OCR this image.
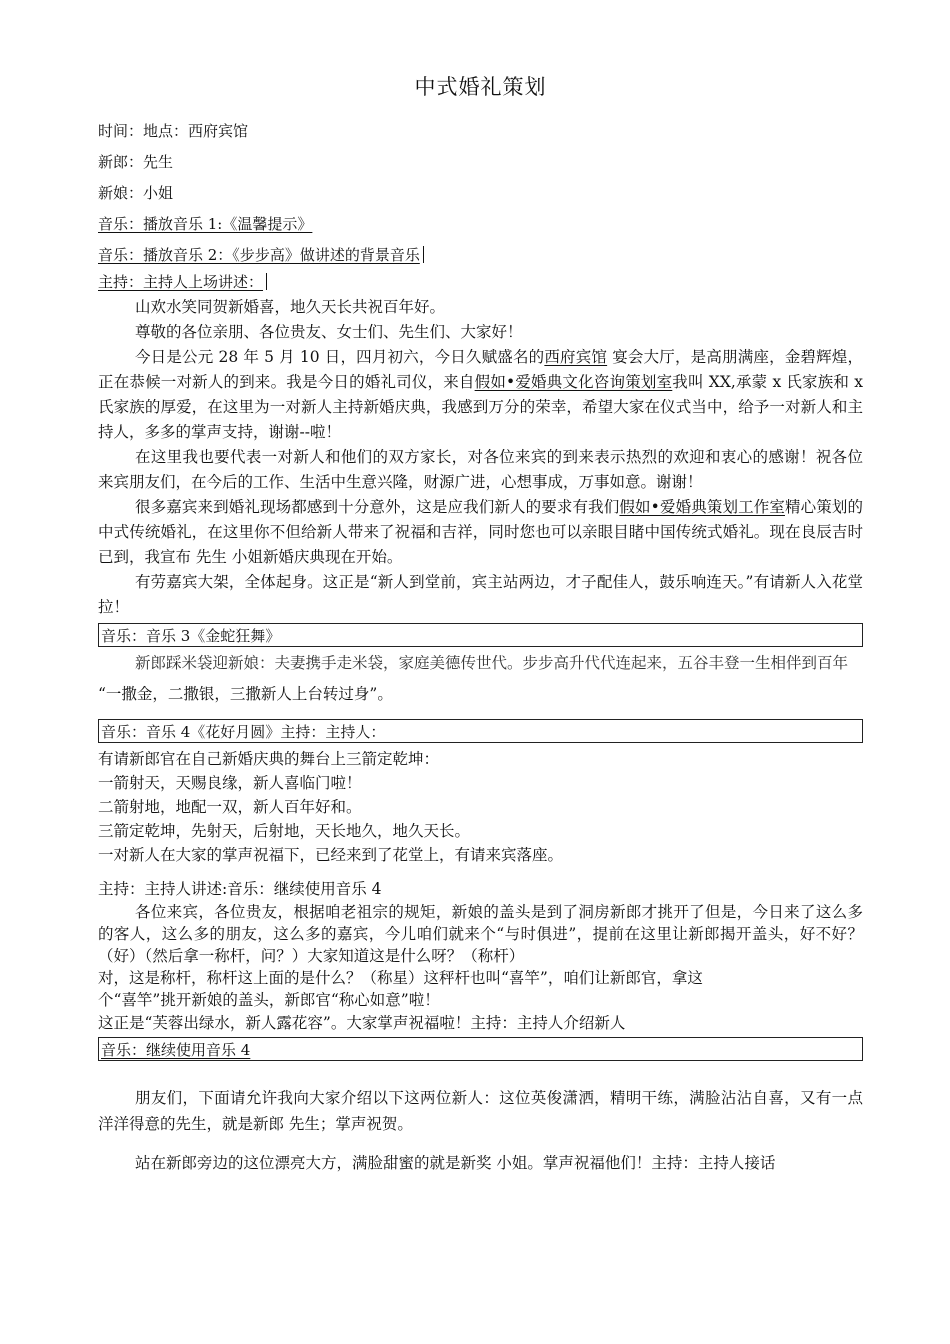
中式婚礼策划
时间：地点：西府宾馆
新郎：先生
新娘：小姐
音乐：播放音乐 1:《温馨提示》
音乐：播放音乐 2：《步步高》做讲述的背景音乐
主持：主持人上场讲述：

山欢水笑同贺新婚喜，地久天长共祝百年好。

尊敬的各位亲朋、各位贵友、女士们、先生们、大家好！

今日是公元 28 年 5 月 10 日，四月初六，今日久赋盛名的西府宾馆 宴会大厅，是高朋满座，金碧辉煌，正在恭候一对新人的到来。我是今日的婚礼司仪，来自假如•爱婚典文化咨询策划室我叫 XX,承蒙 x 氏家族和 x 氏家族的厚爱，在这里为一对新人主持新婚庆典，我感到万分的荣幸，希望大家在仪式当中，给予一对新人和主持人，多多的掌声支持，谢谢--啦！

在这里我也要代表一对新人和他们的双方家长，对各位来宾的到来表示热烈的欢迎和衷心的感谢！祝各位来宾朋友们，在今后的工作、生活中生意兴隆，财源广进，心想事成，万事如意。谢谢！

很多嘉宾来到婚礼现场都感到十分意外，这是应我们新人的要求有我们假如•爱婚典策划工作室精心策划的中式传统婚礼，在这里你不但给新人带来了祝福和吉祥，同时您也可以亲眼目睹中国传统式婚礼。现在良辰吉时已到，我宣布 先生 小姐新婚庆典现在开始。

有劳嘉宾大架，全体起身。这正是“新人到堂前，宾主站两边，才子配佳人，鼓乐响连天。”有请新人入花堂拉！

音乐：音乐 3《金蛇狂舞》

新郎踩米袋迎新娘：夫妻携手走米袋，家庭美德传世代。步步高升代代连起来，五谷丰登一生相伴到百年

“一撒金，二撒银，三撒新人上台转过身”。

音乐：音乐 4《花好月圆》主持：主持人：

有请新郎官在自己新婚庆典的舞台上三箭定乾坤：

一箭射天，天赐良缘，新人喜临门啦！

二箭射地，地配一双，新人百年好和。

三箭定乾坤，先射天，后射地，天长地久，地久天长。

一对新人在大家的掌声祝福下，已经来到了花堂上，有请来宾落座。

主持：主持人讲述:音乐：继续使用音乐 4

各位来宾，各位贵友，根据咱老祖宗的规矩，新娘的盖头是到了洞房新郎才挑开了但是，今日来了这么多的客人，这么多的朋友，这么多的嘉宾，今儿咱们就来个“与时俱进”，提前在这里让新郎揭开盖头，好不好？（好）（然后拿一称杆，问？）大家知道这是什么呀？（称杆）

对，这是称杆，称杆这上面的是什么？（称星）这秤杆也叫“喜竿”，咱们让新郎官，拿这

个“喜竿”挑开新娘的盖头，新郎官“称心如意”啦！

这正是“芙蓉出绿水，新人露花容”。大家掌声祝福啦！主持：主持人介绍新人

音乐：继续使用音乐 4

朋友们，下面请允许我向大家介绍以下这两位新人：这位英俊潇洒，精明干练，满脸沾沾自喜，又有一点洋洋得意的先生，就是新郎 先生；掌声祝贺。

站在新郎旁边的这位漂亮大方，满脸甜蜜的就是新奖 小姐。掌声祝福他们！主持：主持人接话
